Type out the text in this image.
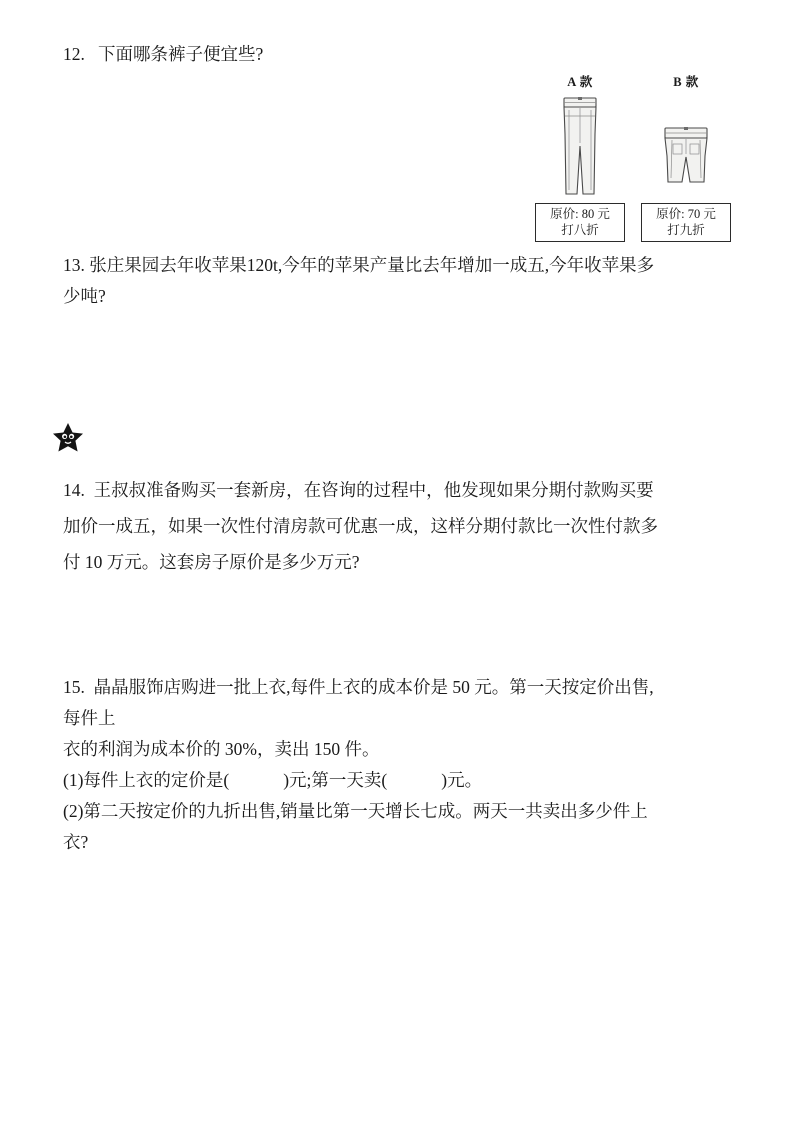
12. 下面哪条裤子便宜些?
A 款
原价: 80 元
打八折
B 款
原价: 70 元
打九折
13. 张庄果园去年收苹果120t,今年的苹果产量比去年增加一成五,今年收苹果多
少吨?
14. 王叔叔准备购买一套新房，在咨询的过程中，他发现如果分期付款购买要
加价一成五，如果一次性付清房款可优惠一成，这样分期付款比一次性付款多
付 10 万元。这套房子原价是多少万元?
15. 晶晶服饰店购进一批上衣,每件上衣的成本价是 50 元。第一天按定价出售,
每件上
衣的利润为成本价的 30%，卖出 150 件。
(1)每件上衣的定价是(	)元;第一天卖(	)元。
(2)第二天按定价的九折出售,销量比第一天增长七成。两天一共卖出多少件上
衣?
